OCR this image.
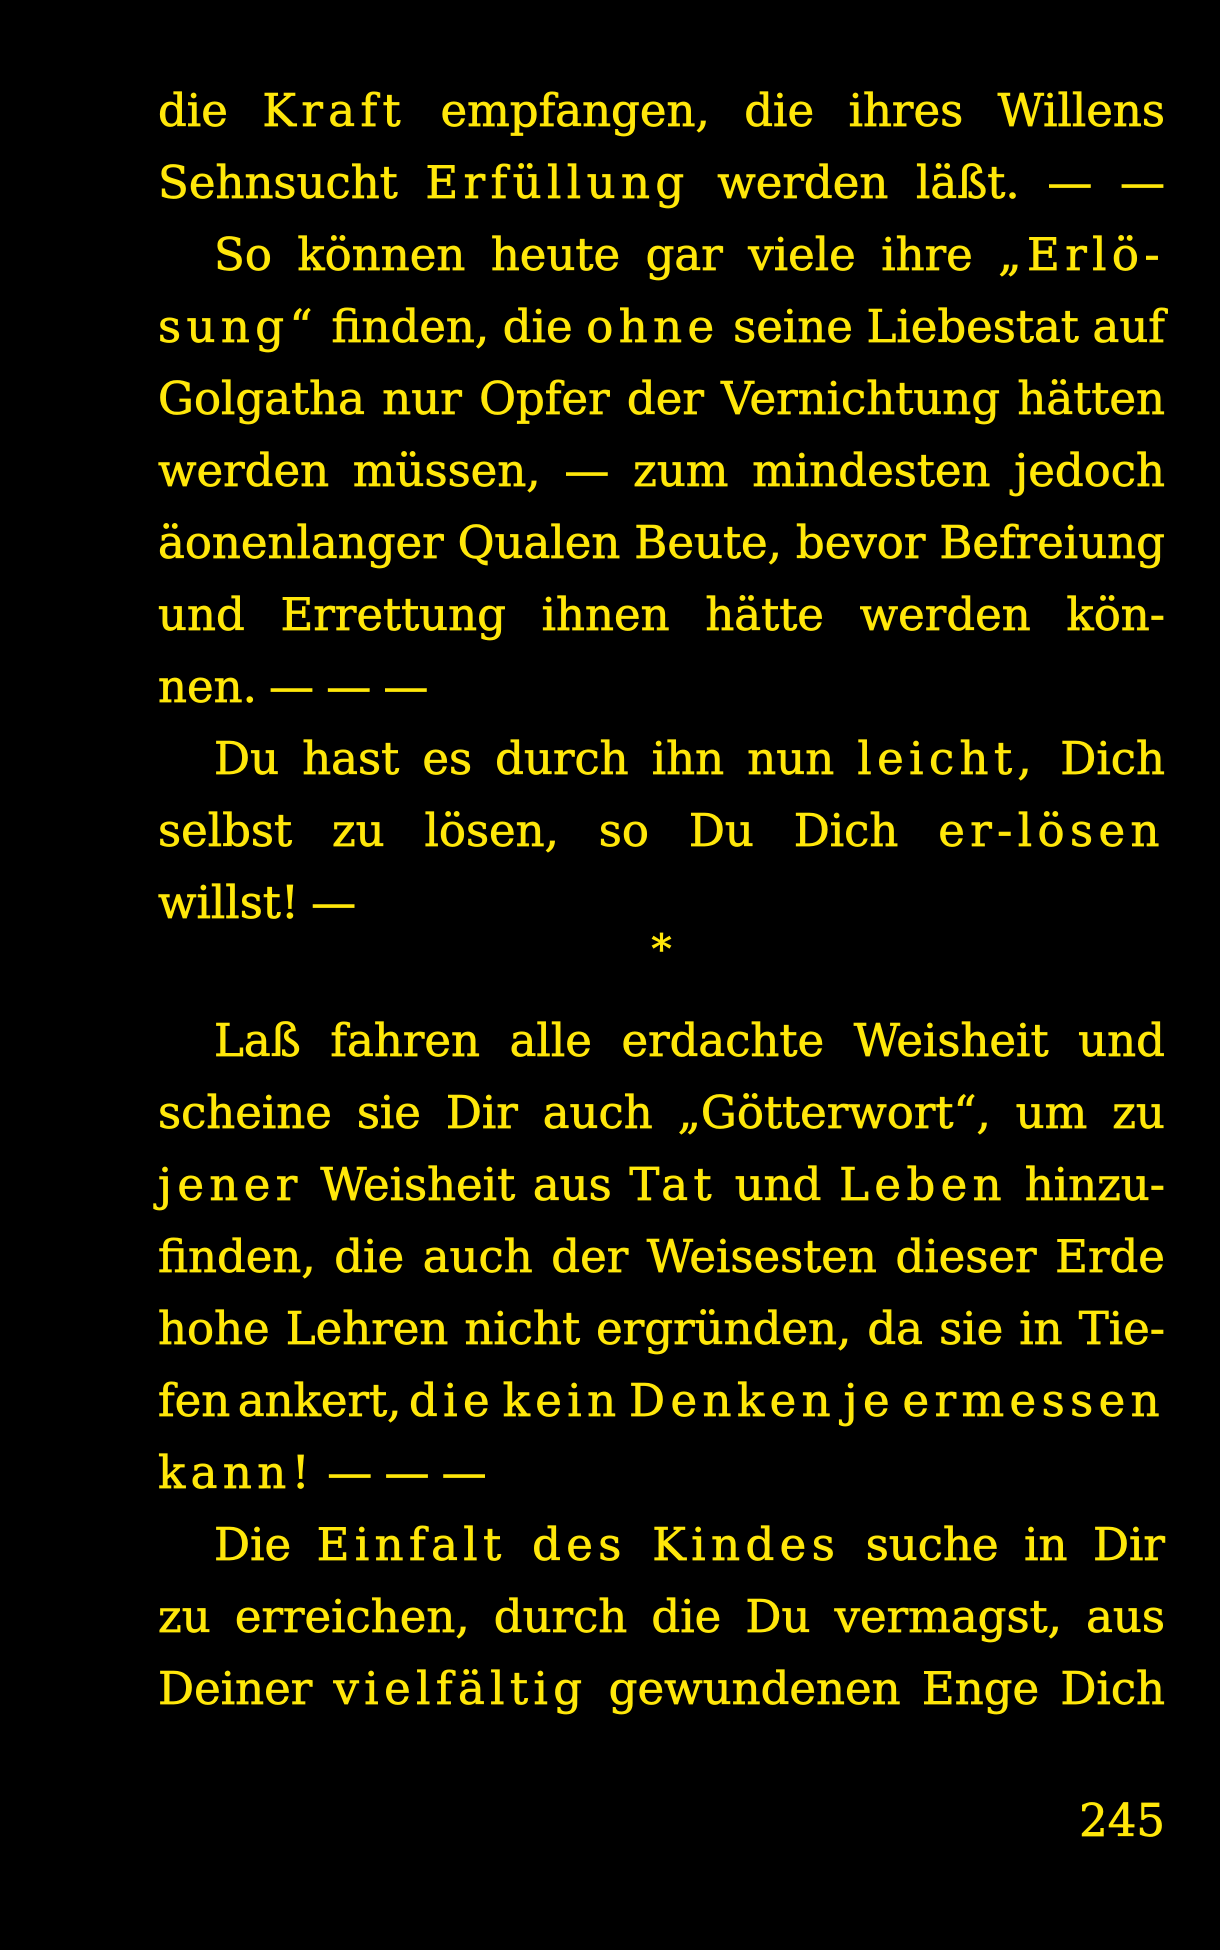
die Kraft empfangen, die ihres Willens
Sehnsucht Erfüllung werden läßt. — —
So können heute gar viele ihre „Erlö-
sung“ finden, die ohne seine Liebestat auf
Golgatha nur Opfer der Vernichtung hätten
werden müssen, — zum mindesten jedoch
äonenlanger Qualen Beute, bevor Befreiung
und Errettung ihnen hätte werden kön-
nen. — — —
Du hast es durch ihn nun leicht, Dich
selbst zu lösen, so Du Dich er-lösen
willst! —
*
Laß fahren alle erdachte Weisheit und
scheine sie Dir auch „Götterwort“, um zu
jener Weisheit aus Tat und Leben hinzu-
finden, die auch der Weisesten dieser Erde
hohe Lehren nicht ergründen, da sie in Tie-
fen ankert, die kein Denken je ermessen
kann! — — —
Die Einfalt des Kindes suche in Dir
zu erreichen, durch die Du vermagst, aus
Deiner vielfältig gewundenen Enge Dich
245
